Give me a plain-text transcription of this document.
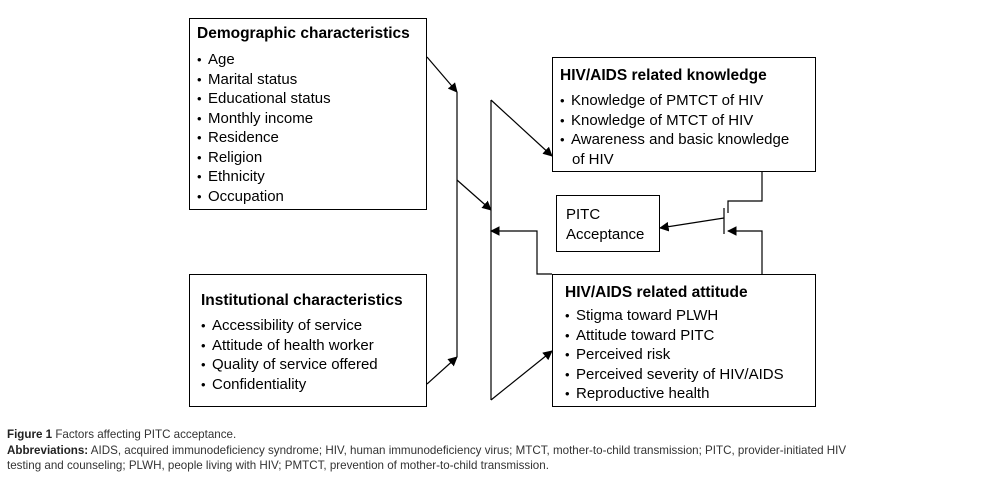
Demographic characteristics
• Age
• Marital status
• Educational status
• Monthly income
• Residence
• Religion
• Ethnicity
• Occupation
Institutional characteristics
• Accessibility of service
• Attitude of health worker
• Quality of service offered
• Confidentiality
HIV/AIDS related knowledge
• Knowledge of PMTCT of HIV
• Knowledge of MTCT of HIV
• Awareness and basic knowledge
of HIV
PITC
Acceptance
HIV/AIDS related attitude
• Stigma toward PLWH
• Attitude toward PITC
• Perceived risk
• Perceived severity of HIV/AIDS
• Reproductive health
Figure 1 Factors affecting PITC acceptance.
Abbreviations: AIDS, acquired immunodeficiency syndrome; HIV, human immunodeficiency virus; MTCT, mother-to-child transmission; PITC, provider-initiated HIV
testing and counseling; PLWH, people living with HIV; PMTCT, prevention of mother-to-child transmission.
